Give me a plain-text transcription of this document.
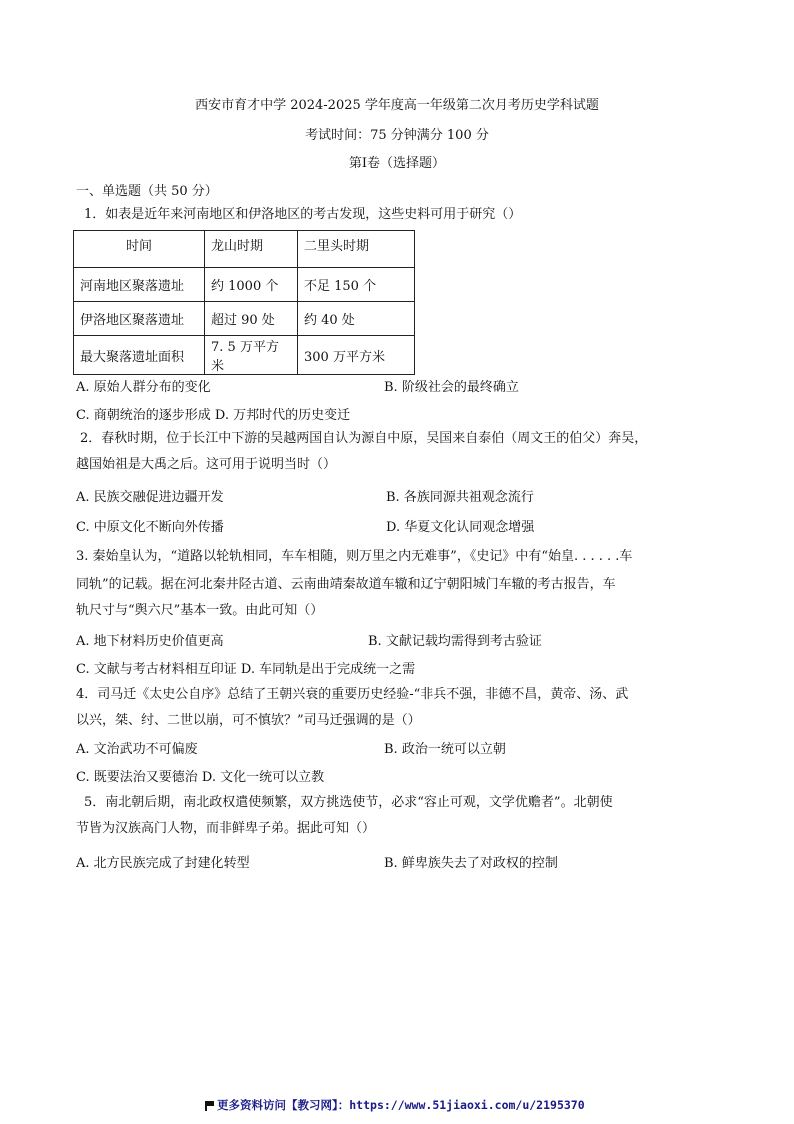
西安市育才中学 2024-2025 学年度高一年级第二次月考历史学科试题
考试时间：75 分钟满分 100 分
第Ⅰ卷（选择题）
一、单选题（共 50 分）
1．如表是近年来河南地区和伊洛地区的考古发现，这些史料可用于研究（）
时间	龙山时期	二里头时期
河南地区聚落遗址	约 1000 个	不足 150 个
伊洛地区聚落遗址	超过 90 处	约 40 处
最大聚落遗址面积	7. 5 万平方米	300 万平方米
A. 原始人群分布的变化	B. 阶级社会的最终确立
C. 商朝统治的逐步形成 D. 万邦时代的历史变迁
2．春秋时期，位于长江中下游的吴越两国自认为源自中原，吴国来自泰伯（周文王的伯父）奔吴，
越国始祖是大禹之后。这可用于说明当时（）
A. 民族交融促进边疆开发	B. 各族同源共祖观念流行
C. 中原文化不断向外传播	D. 华夏文化认同观念增强
3. 秦始皇认为，“道路以轮轨相同，车车相随，则万里之内无难事”，《史记》中有“始皇. . . . . .车
同轨”的记载。据在河北秦井陉古道、云南曲靖秦故道车辙和辽宁朝阳城门车辙的考古报告，车
轨尺寸与“舆六尺”基本一致。由此可知（）
A. 地下材料历史价值更高	B. 文献记载均需得到考古验证
C. 文献与考古材料相互印证 D. 车同轨是出于完成统一之需
4．司马迁《太史公自序》总结了王朝兴衰的重要历史经验-“非兵不强，非德不昌，黄帝、汤、武
以兴，桀、纣、二世以崩，可不慎欤？”司马迁强调的是（）
A. 文治武功不可偏废	B. 政治一统可以立朝
C. 既要法治又要德治 D. 文化一统可以立教
5．南北朝后期，南北政权遣使频繁，双方挑选使节，必求“容止可观，文学优赡者”。北朝使
节皆为汉族高门人物，而非鲜卑子弟。据此可知（）
A. 北方民族完成了封建化转型	B. 鲜卑族失去了对政权的控制
更多资料访问【教习网】：https://www.51jiaoxi.com/u/2195370
